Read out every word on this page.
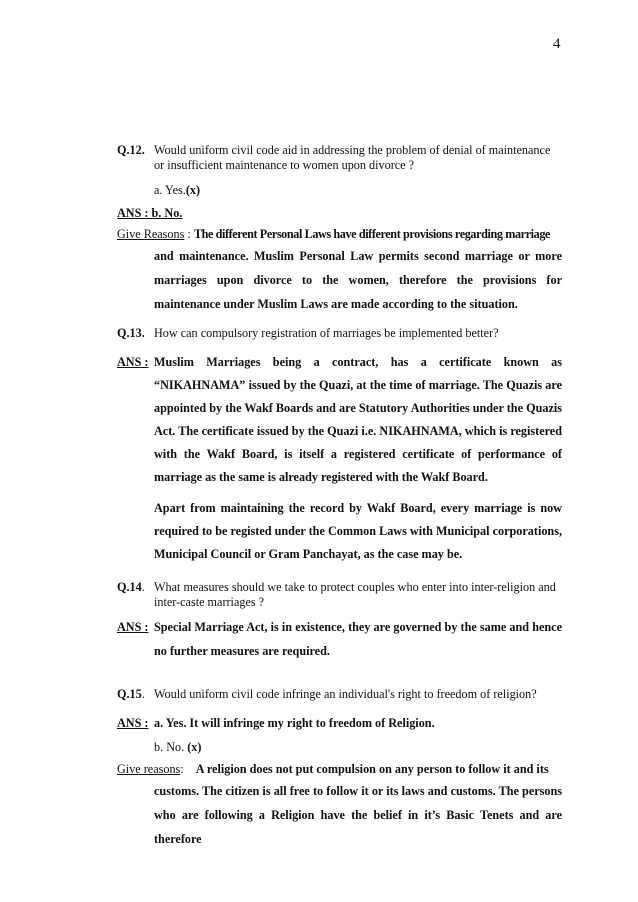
4
Q.12. Would uniform civil code aid in addressing the problem of denial of maintenance or insufficient maintenance to women upon divorce ?
a. Yes.(x)
ANS : b. No.
Give Reasons : The different Personal Laws have different provisions regarding marriage

and maintenance. Muslim Personal Law permits second marriage or more marriages upon divorce to the women, therefore the provisions for maintenance under Muslim Laws are made according to the situation.

Q.13. How can compulsory registration of marriages be implemented better?
ANS : Muslim Marriages being a contract, has a certificate known as “NIKAHNAMA” issued by the Quazi, at the time of marriage. The Quazis are appointed by the Wakf Boards and are Statutory Authorities under the Quazis Act. The certificate issued by the Quazi i.e. NIKAHNAMA, which is registered with the Wakf Board, is itself a registered certificate of performance of marriage as the same is already registered with the Wakf Board.

Apart from maintaining the record by Wakf Board, every marriage is now required to be registed under the Common Laws with Municipal corporations, Municipal Council or Gram Panchayat, as the case may be.

Q.14. What measures should we take to protect couples who enter into inter-religion and inter-caste marriages ?
ANS : Special Marriage Act, is in existence, they are governed by the same and hence no further measures are required.

Q.15. Would uniform civil code infringe an individual's right to freedom of religion?
ANS : a. Yes. It will infringe my right to freedom of Religion.

b. No. (x)
Give reasons: A religion does not put compulsion on any person to follow it and its

customs. The citizen is all free to follow it or its laws and customs. The persons who are following a Religion have the belief in it’s Basic Tenets and are therefore
